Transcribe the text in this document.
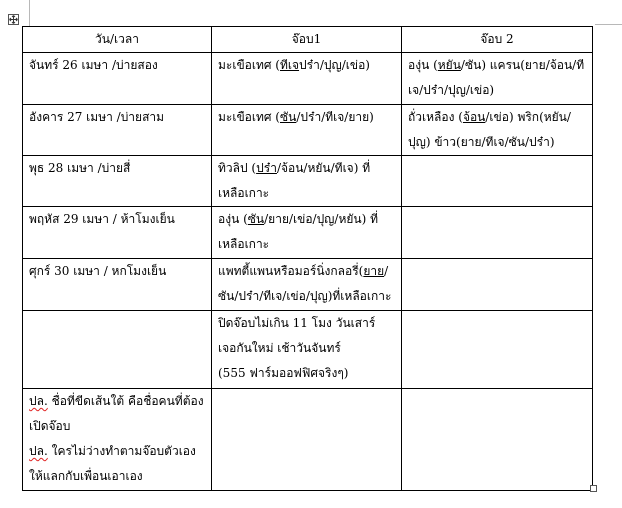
วัน/เวลา	จ๊อบ1	จ๊อบ 2
จันทร์ 26 เมษา /บ่ายสอง	มะเขือเทศ (ทีเจปร๋า/ปุญ/เข่อ)	องุ่น (หยัน/ซัน) แครน(ยาย/จ้อน/ที
เจ/ปร๋า/ปุญ/เข่อ)

อังคาร 27 เมษา /บ่ายสาม	มะเขือเทศ (ซัน/ปร๋า/ทีเจ/ยาย)	ถั่วเหลือง (จ้อน/เข่อ) พริก(หยัน/
ปุญ) ข้าว(ยาย/ทีเจ/ซัน/ปร๋า)

พุธ 28 เมษา /บ่ายสี่	ทิวลิป (ปร๋า/จ้อน/หยัน/ทีเจ) ที่
เหลือเกาะ	

พฤหัส 29 เมษา / ห้าโมงเย็น	องุ่น (ซัน/ยาย/เข่อ/ปุญ/หยัน) ที่
เหลือเกาะ	

ศุกร์ 30 เมษา / หกโมงเย็น	แพทตี้แพนหรือมอร์นิ่งกลอรี่(ยาย/
ซัน/ปร๋า/ทีเจ/เข่อ/ปุญ)ที่เหลือเกาะ	

	ปิดจ๊อบไม่เกิน 11 โมง วันเสาร์
เจอกันใหม่ เช้าวันจันทร์
(555 ฟาร์มออฟฟิศจริงๆ)	

ปล. ชื่อที่ขีดเส้นใต้ คือชื่อคนที่ต้อง
เปิดจ๊อบ
ปล. ใครไม่ว่างทำตามจ๊อบตัวเอง
ให้แลกกับเพื่อนเอาเอง		
